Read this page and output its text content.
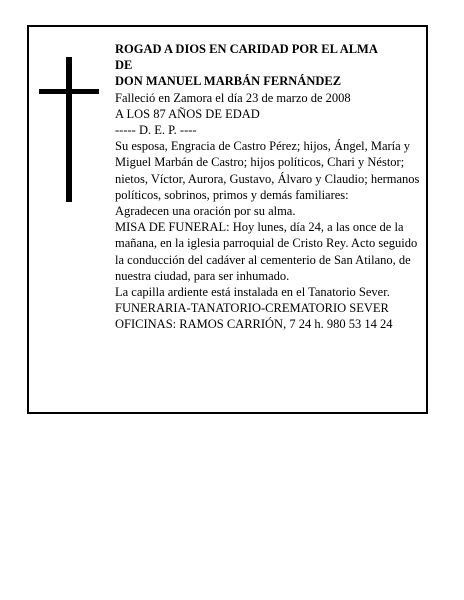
ROGAD A DIOS EN CARIDAD POR EL ALMA

DE

DON MANUEL MARBÁN FERNÁNDEZ

Falleció en Zamora el día 23 de marzo de 2008

A LOS 87 AÑOS DE EDAD

----- D. E. P. ----

Su esposa, Engracia de Castro Pérez; hijos, Ángel, María y Miguel Marbán de Castro; hijos políticos, Chari y Néstor; nietos, Víctor, Aurora, Gustavo, Álvaro y Claudio; hermanos políticos, sobrinos, primos y demás familiares:

Agradecen una oración por su alma.

MISA DE FUNERAL: Hoy lunes, día 24, a las once de la mañana, en la iglesia parroquial de Cristo Rey. Acto seguido la conducción del cadáver al cementerio de San Atilano, de nuestra ciudad, para ser inhumado.

La capilla ardiente está instalada en el Tanatorio Sever.

FUNERARIA-TANATORIO-CREMATORIO SEVER

OFICINAS: RAMOS CARRIÓN, 7 24 h. 980 53 14 24
